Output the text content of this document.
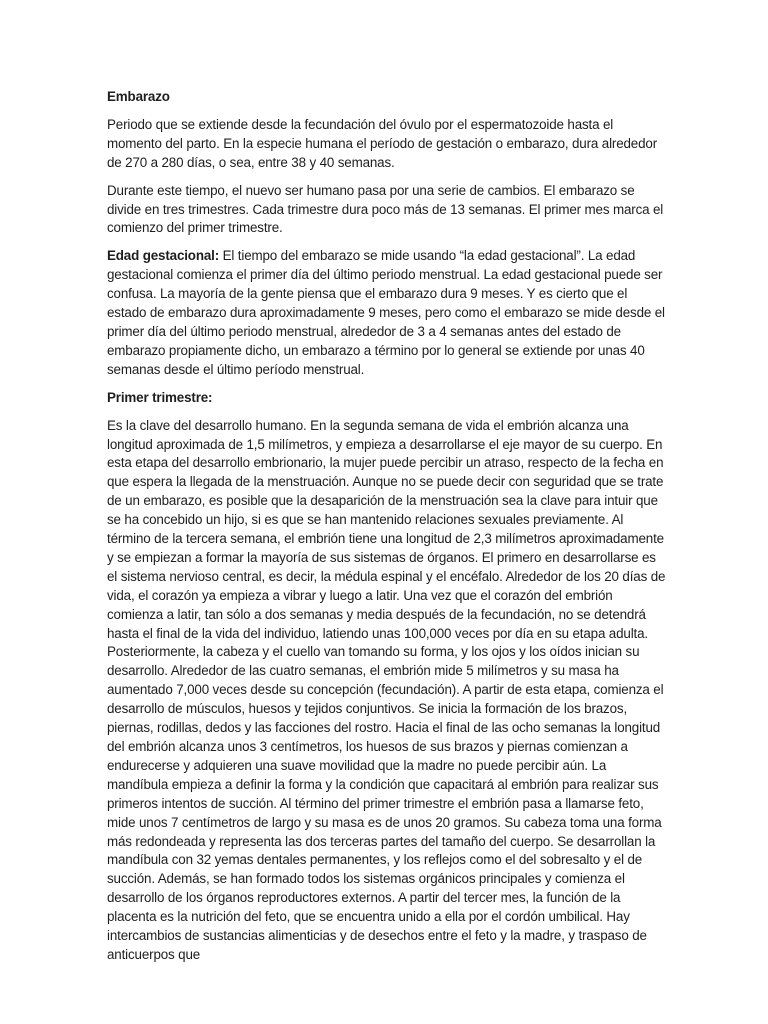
Embarazo

Periodo que se extiende desde la fecundación del óvulo por el espermatozoide hasta el momento del parto. En la especie humana el período de gestación o embarazo, dura alrededor de 270 a 280 días, o sea, entre 38 y 40 semanas.

Durante este tiempo, el nuevo ser humano pasa por una serie de cambios. El embarazo se divide en tres trimestres. Cada trimestre dura poco más de 13 semanas. El primer mes marca el comienzo del primer trimestre.

Edad gestacional: El tiempo del embarazo se mide usando “la edad gestacional”. La edad gestacional comienza el primer día del último periodo menstrual. La edad gestacional puede ser confusa. La mayoría de la gente piensa que el embarazo dura 9 meses. Y es cierto que el estado de embarazo dura aproximadamente 9 meses, pero como el embarazo se mide desde el primer día del último periodo menstrual, alrededor de 3 a 4 semanas antes del estado de embarazo propiamente dicho, un embarazo a término por lo general se extiende por unas 40 semanas desde el último período menstrual.

Primer trimestre:

Es la clave del desarrollo humano. En la segunda semana de vida el embrión alcanza una longitud aproximada de 1,5 milímetros, y empieza a desarrollarse el eje mayor de su cuerpo. En esta etapa del desarrollo embrionario, la mujer puede percibir un atraso, respecto de la fecha en que espera la llegada de la menstruación. Aunque no se puede decir con seguridad que se trate de un embarazo, es posible que la desaparición de la menstruación sea la clave para intuir que se ha concebido un hijo, si es que se han mantenido relaciones sexuales previamente. Al término de la tercera semana, el embrión tiene una longitud de 2,3 milímetros aproximadamente y se empiezan a formar la mayoría de sus sistemas de órganos. El primero en desarrollarse es el sistema nervioso central, es decir, la médula espinal y el encéfalo. Alrededor de los 20 días de vida, el corazón ya empieza a vibrar y luego a latir. Una vez que el corazón del embrión comienza a latir, tan sólo a dos semanas y media después de la fecundación, no se detendrá hasta el final de la vida del individuo, latiendo unas 100,000 veces por día en su etapa adulta. Posteriormente, la cabeza y el cuello van tomando su forma, y los ojos y los oídos inician su desarrollo. Alrededor de las cuatro semanas, el embrión mide 5 milímetros y su masa ha aumentado 7,000 veces desde su concepción (fecundación). A partir de esta etapa, comienza el desarrollo de músculos, huesos y tejidos conjuntivos. Se inicia la formación de los brazos, piernas, rodillas, dedos y las facciones del rostro. Hacia el final de las ocho semanas la longitud del embrión alcanza unos 3 centímetros, los huesos de sus brazos y piernas comienzan a endurecerse y adquieren una suave movilidad que la madre no puede percibir aún. La mandíbula empieza a definir la forma y la condición que capacitará al embrión para realizar sus primeros intentos de succión. Al término del primer trimestre el embrión pasa a llamarse feto, mide unos 7 centímetros de largo y su masa es de unos 20 gramos. Su cabeza toma una forma más redondeada y representa las dos terceras partes del tamaño del cuerpo. Se desarrollan la mandíbula con 32 yemas dentales permanentes, y los reflejos como el del sobresalto y el de succión. Además, se han formado todos los sistemas orgánicos principales y comienza el desarrollo de los órganos reproductores externos. A partir del tercer mes, la función de la placenta es la nutrición del feto, que se encuentra unido a ella por el cordón umbilical. Hay intercambios de sustancias alimenticias y de desechos entre el feto y la madre, y traspaso de anticuerpos que
